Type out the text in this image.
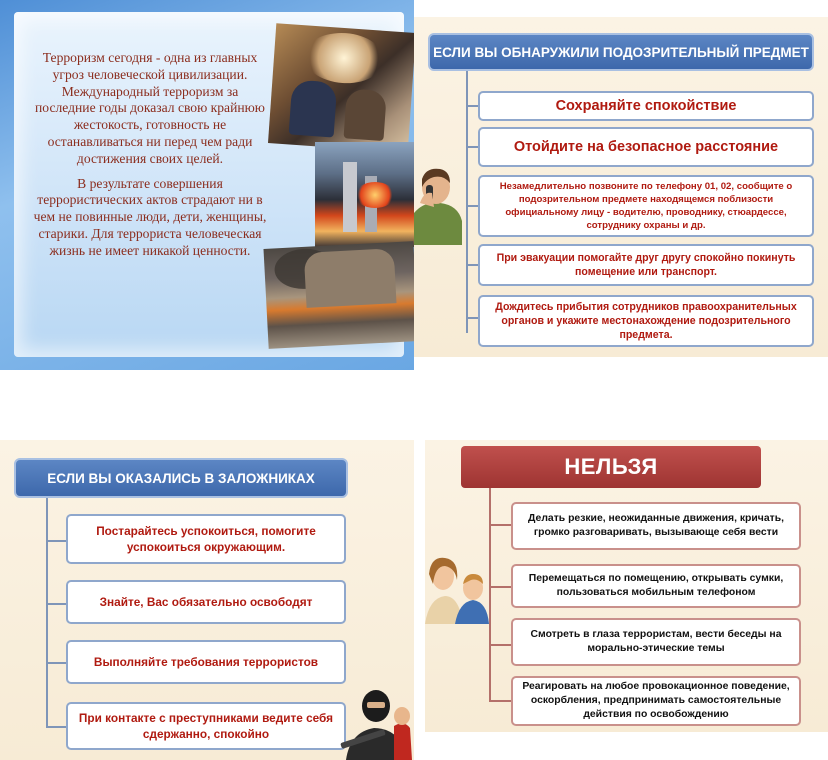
Терроризм сегодня - одна из главных угроз человеческой цивилизации. Международный терроризм за последние годы доказал свою крайнюю жестокость, готовность не останавливаться ни перед чем ради достижения своих целей.

В результате совершения террористических актов страдают ни в чем не повинные люди, дети, женщины, старики. Для террориста человеческая жизнь не имеет никакой ценности.

ЕСЛИ ВЫ ОБНАРУЖИЛИ ПОДОЗРИТЕЛЬНЫЙ ПРЕДМЕТ
Сохраняйте спокойствие
Отойдите на безопасное расстояние
Незамедлительно позвоните по телефону 01, 02, сообщите о подозрительном предмете находящемся поблизости официальному лицу - водителю, проводнику, стюардессе, сотруднику охраны и др.
При эвакуации помогайте друг другу спокойно покинуть помещение или транспорт.
Дождитесь прибытия сотрудников правоохранительных органов и укажите местонахождение подозрительного предмета.
ЕСЛИ ВЫ ОКАЗАЛИСЬ В ЗАЛОЖНИКАХ
Постарайтесь успокоиться, помогите успокоиться окружающим.
Знайте, Вас обязательно освободят
Выполняйте требования террористов
При контакте с преступниками ведите себя сдержанно, спокойно
НЕЛЬЗЯ
Делать резкие, неожиданные движения, кричать, громко разговаривать, вызывающе себя вести
Перемещаться по помещению, открывать сумки, пользоваться мобильным телефоном
Смотреть в глаза террористам, вести беседы на морально-этические темы
Реагировать на любое провокационное поведение, оскорбления, предпринимать самостоятельные действия по освобождению
